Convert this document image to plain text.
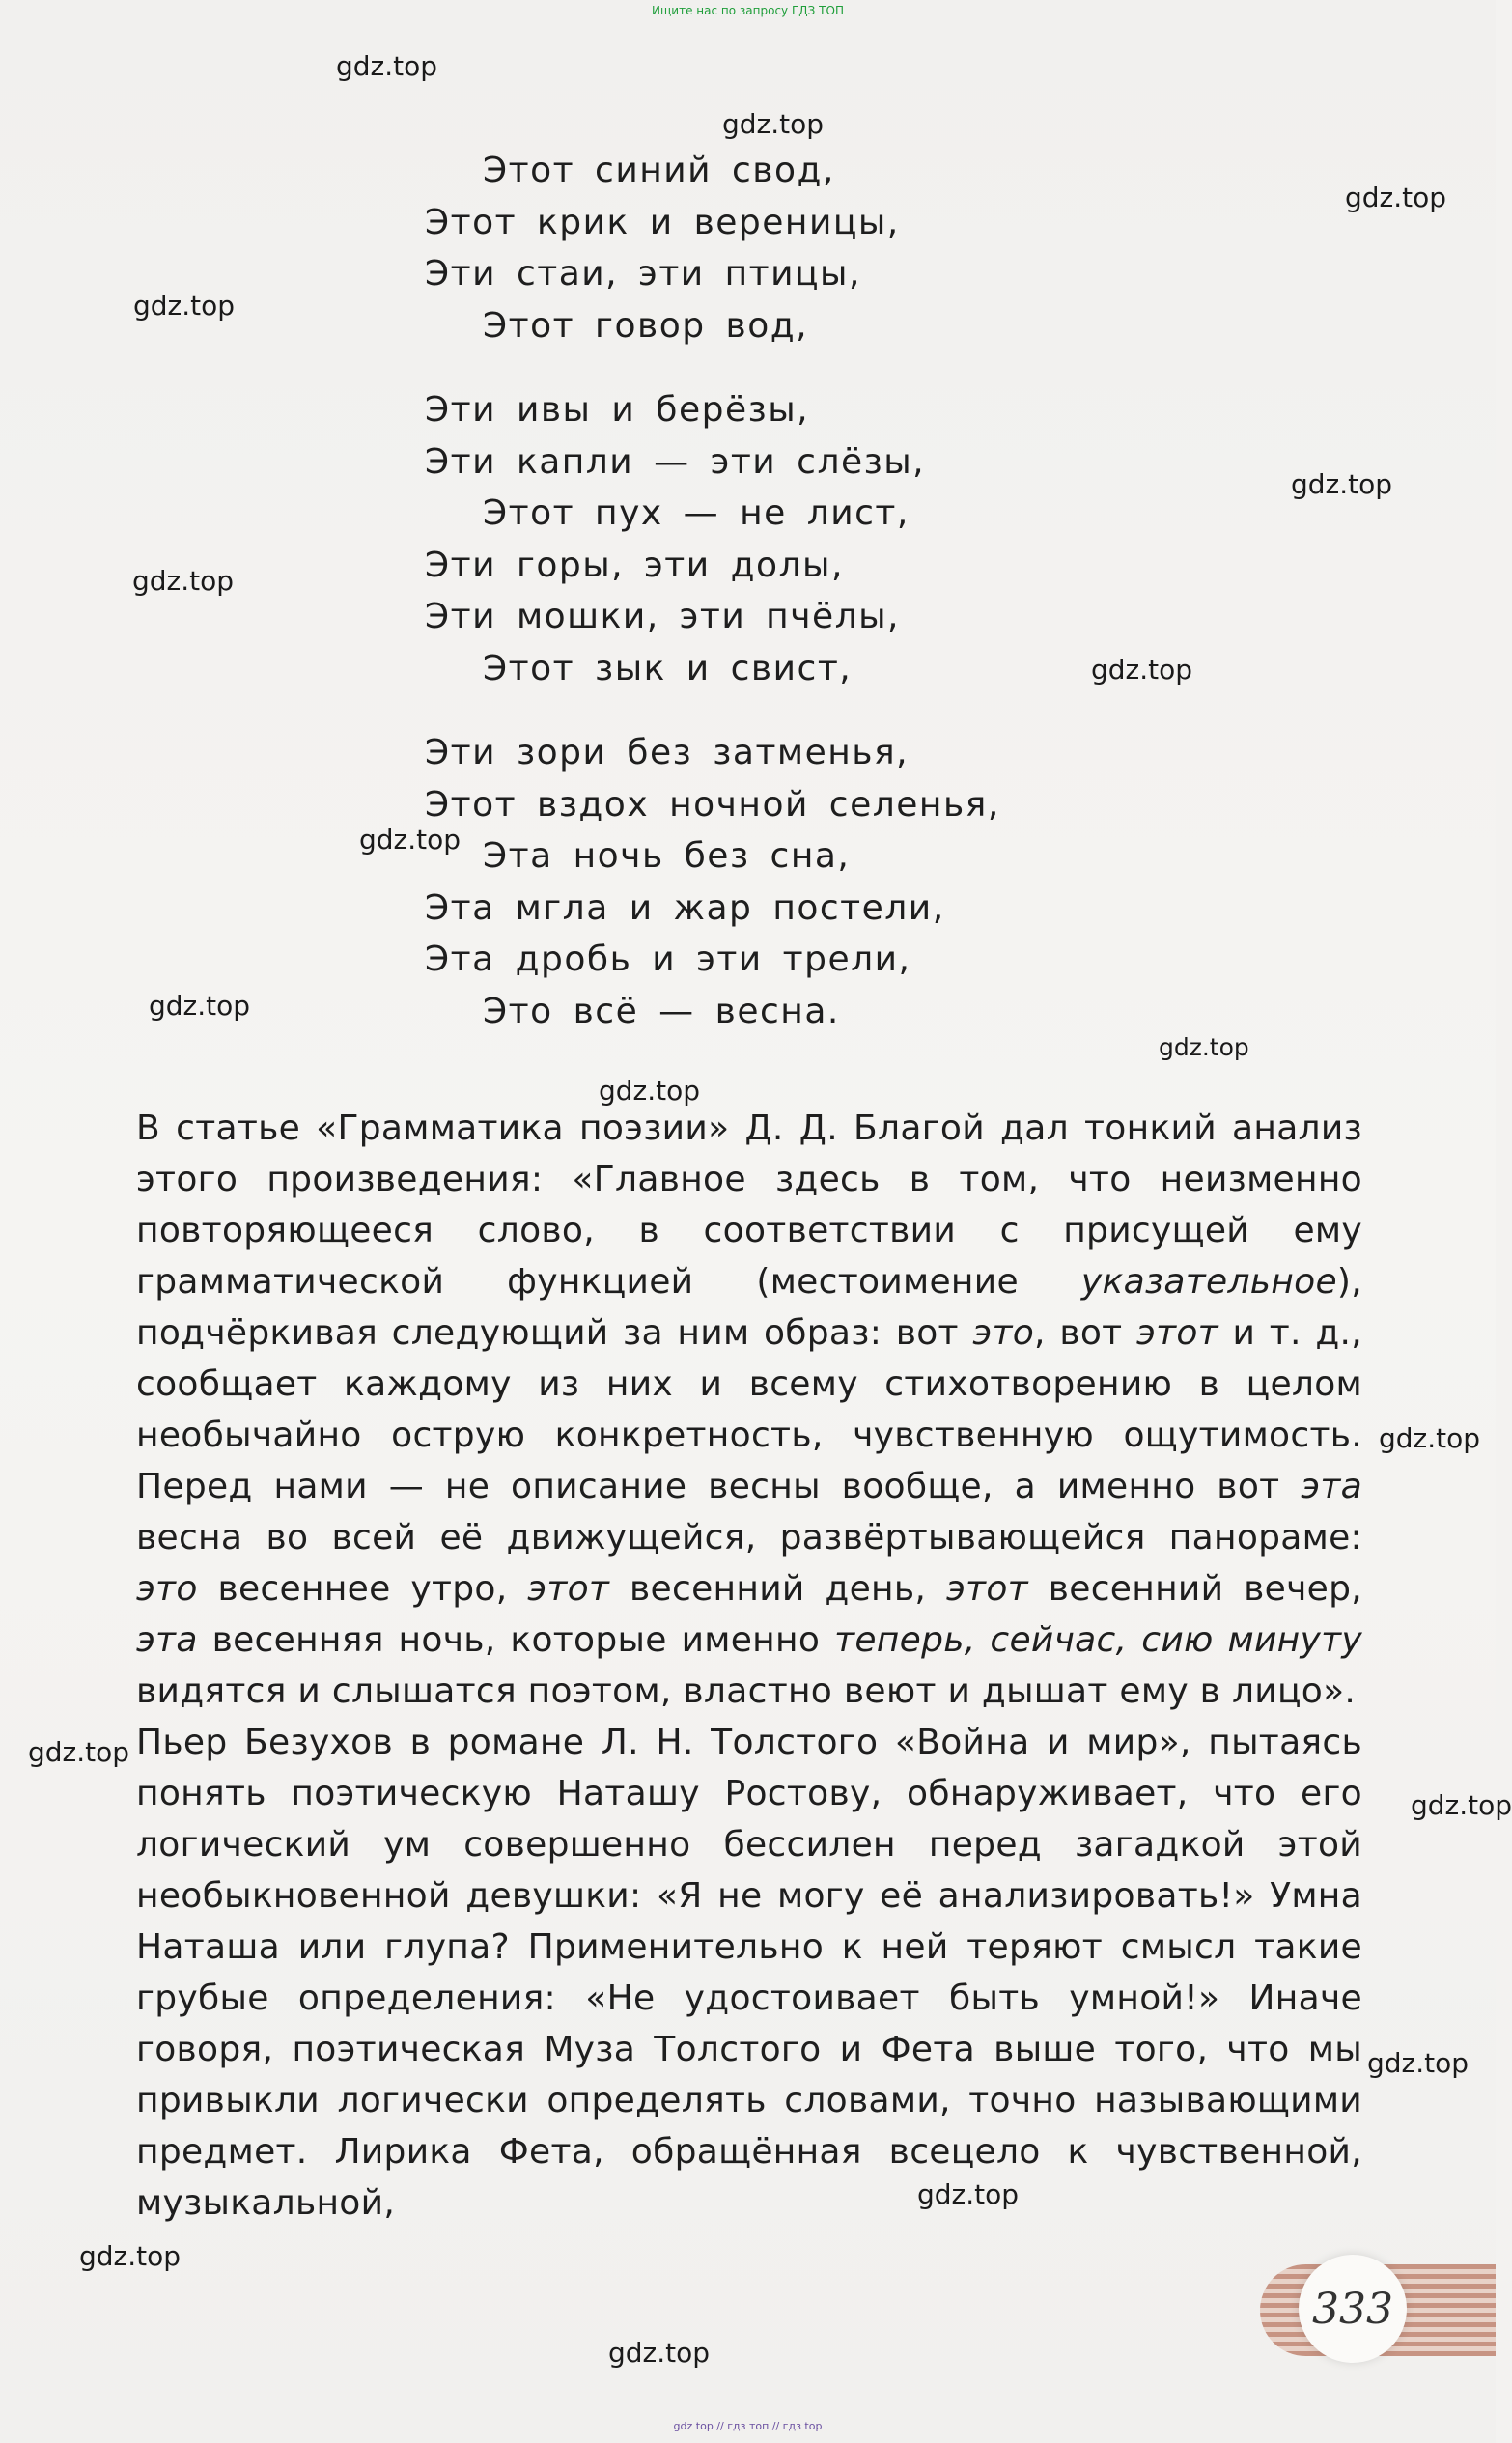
Ищите нас по запросу ГДЗ ТОП
Этот синий свод,
Этот крик и вереницы,
Эти стаи, эти птицы,
Этот говор вод,
Эти ивы и берёзы,
Эти капли — эти слёзы,
Этот пух — не лист,
Эти горы, эти долы,
Эти мошки, эти пчёлы,
Этот зык и свист,
Эти зори без затменья,
Этот вздох ночной селенья,
Эта ночь без сна,
Эта мгла и жар постели,
Эта дробь и эти трели,
Это всё — весна.

В статье «Грамматика поэзии» Д. Д. Благой дал тонкий анализ этого произведения: «Главное здесь в том, что неизменно повторяющееся слово, в соответствии с присущей ему грамматической функцией (местоимение указательное), подчёркивая следующий за ним образ: вот это, вот этот и т. д., сообщает каждому из них и всему стихотворению в целом необычайно острую конкретность, чувственную ощутимость. Перед нами — не описание весны вообще, а именно вот эта весна во всей её движущейся, развёртывающейся панораме: это весеннее утро, этот весенний день, этот весенний вечер, эта весенняя ночь, которые именно теперь, сейчас, сию минуту видятся и слышатся поэтом, властно веют и дышат ему в лицо».

Пьер Безухов в романе Л. Н. Толстого «Война и мир», пытаясь понять поэтическую Наташу Ростову, обнаруживает, что его логический ум совершенно бессилен перед загадкой этой необыкновенной девушки: «Я не могу её анализировать!» Умна Наташа или глупа? Применительно к ней теряют смысл такие грубые определения: «Не удостоивает быть умной!» Иначе говоря, поэтическая Муза Толстого и Фета выше того, что мы привыкли логически определять словами, точно называющими предмет. Лирика Фета, обращённая всецело к чувственной, музыкальной,

gdz.top
gdz.top
gdz.top
gdz.top
gdz.top
gdz.top
gdz.top
gdz.top
gdz.top
gdz.top
gdz.top
gdz.top
gdz.top
gdz.top
gdz.top
gdz.top
gdz.top
gdz.top
333
gdz top // гдз топ // гдз top
